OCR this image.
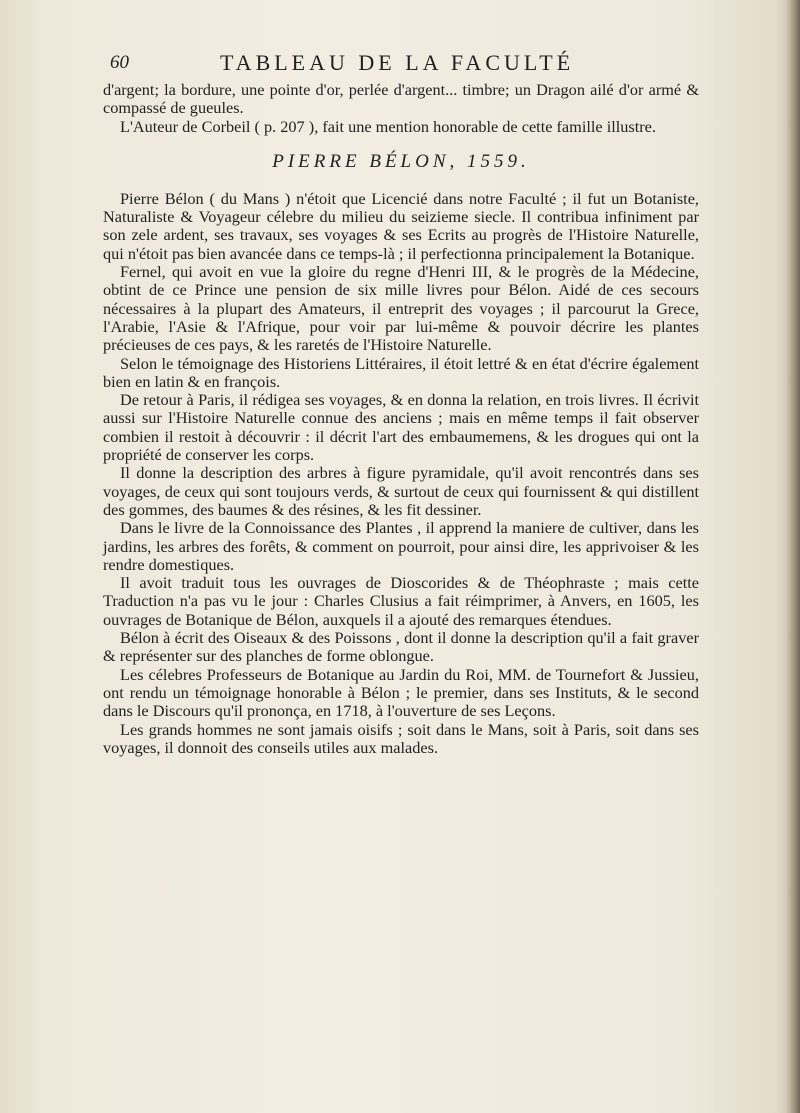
60	TABLEAU DE LA FACULTÉ

d'argent; la bordure, une pointe d'or, perlée d'argent... timbre; un Dragon ailé d'or armé & compassé de gueules.

L'Auteur de Corbeil ( p. 207 ), fait une mention honorable de cette famille illustre.

PIERRE BÉLON, 1559.

Pierre Bélon ( du Mans ) n'étoit que Licencié dans notre Faculté ; il fut un Botaniste, Naturaliste & Voyageur célebre du milieu du seizieme siecle. Il contribua infiniment par son zele ardent, ses travaux, ses voyages & ses Ecrits au progrès de l'Histoire Naturelle, qui n'étoit pas bien avancée dans ce temps-là ; il perfectionna principalement la Botanique.

Fernel, qui avoit en vue la gloire du regne d'Henri III, & le progrès de la Médecine, obtint de ce Prince une pension de six mille livres pour Bélon. Aidé de ces secours nécessaires à la plupart des Amateurs, il entreprit des voyages ; il parcourut la Grece, l'Arabie, l'Asie & l'Afrique, pour voir par lui-même & pouvoir décrire les plantes précieuses de ces pays, & les raretés de l'Histoire Naturelle.

Selon le témoignage des Historiens Littéraires, il étoit lettré & en état d'écrire également bien en latin & en françois.

De retour à Paris, il rédigea ses voyages, & en donna la relation, en trois livres. Il écrivit aussi sur l'Histoire Naturelle connue des anciens ; mais en même temps il fait observer combien il restoit à découvrir : il décrit l'art des embaumemens, & les drogues qui ont la propriété de conserver les corps.

Il donne la description des arbres à figure pyramidale, qu'il avoit rencontrés dans ses voyages, de ceux qui sont toujours verds, & surtout de ceux qui fournissent & qui distillent des gommes, des baumes & des résines, & les fit dessiner.

Dans le livre de la Connoissance des Plantes , il apprend la maniere de cultiver, dans les jardins, les arbres des forêts, & comment on pourroit, pour ainsi dire, les apprivoiser & les rendre domestiques.

Il avoit traduit tous les ouvrages de Dioscorides & de Théophraste ; mais cette Traduction n'a pas vu le jour : Charles Clusius a fait réimprimer, à Anvers, en 1605, les ouvrages de Botanique de Bélon, auxquels il a ajouté des remarques étendues.

Bélon à écrit des Oiseaux & des Poissons , dont il donne la description qu'il a fait graver & représenter sur des planches de forme oblongue.

Les célebres Professeurs de Botanique au Jardin du Roi, MM. de Tournefort & Jussieu, ont rendu un témoignage honorable à Bélon ; le premier, dans ses Instituts, & le second dans le Discours qu'il prononça, en 1718, à l'ouverture de ses Leçons.

Les grands hommes ne sont jamais oisifs ; soit dans le Mans, soit à Paris, soit dans ses voyages, il donnoit des conseils utiles aux malades.
